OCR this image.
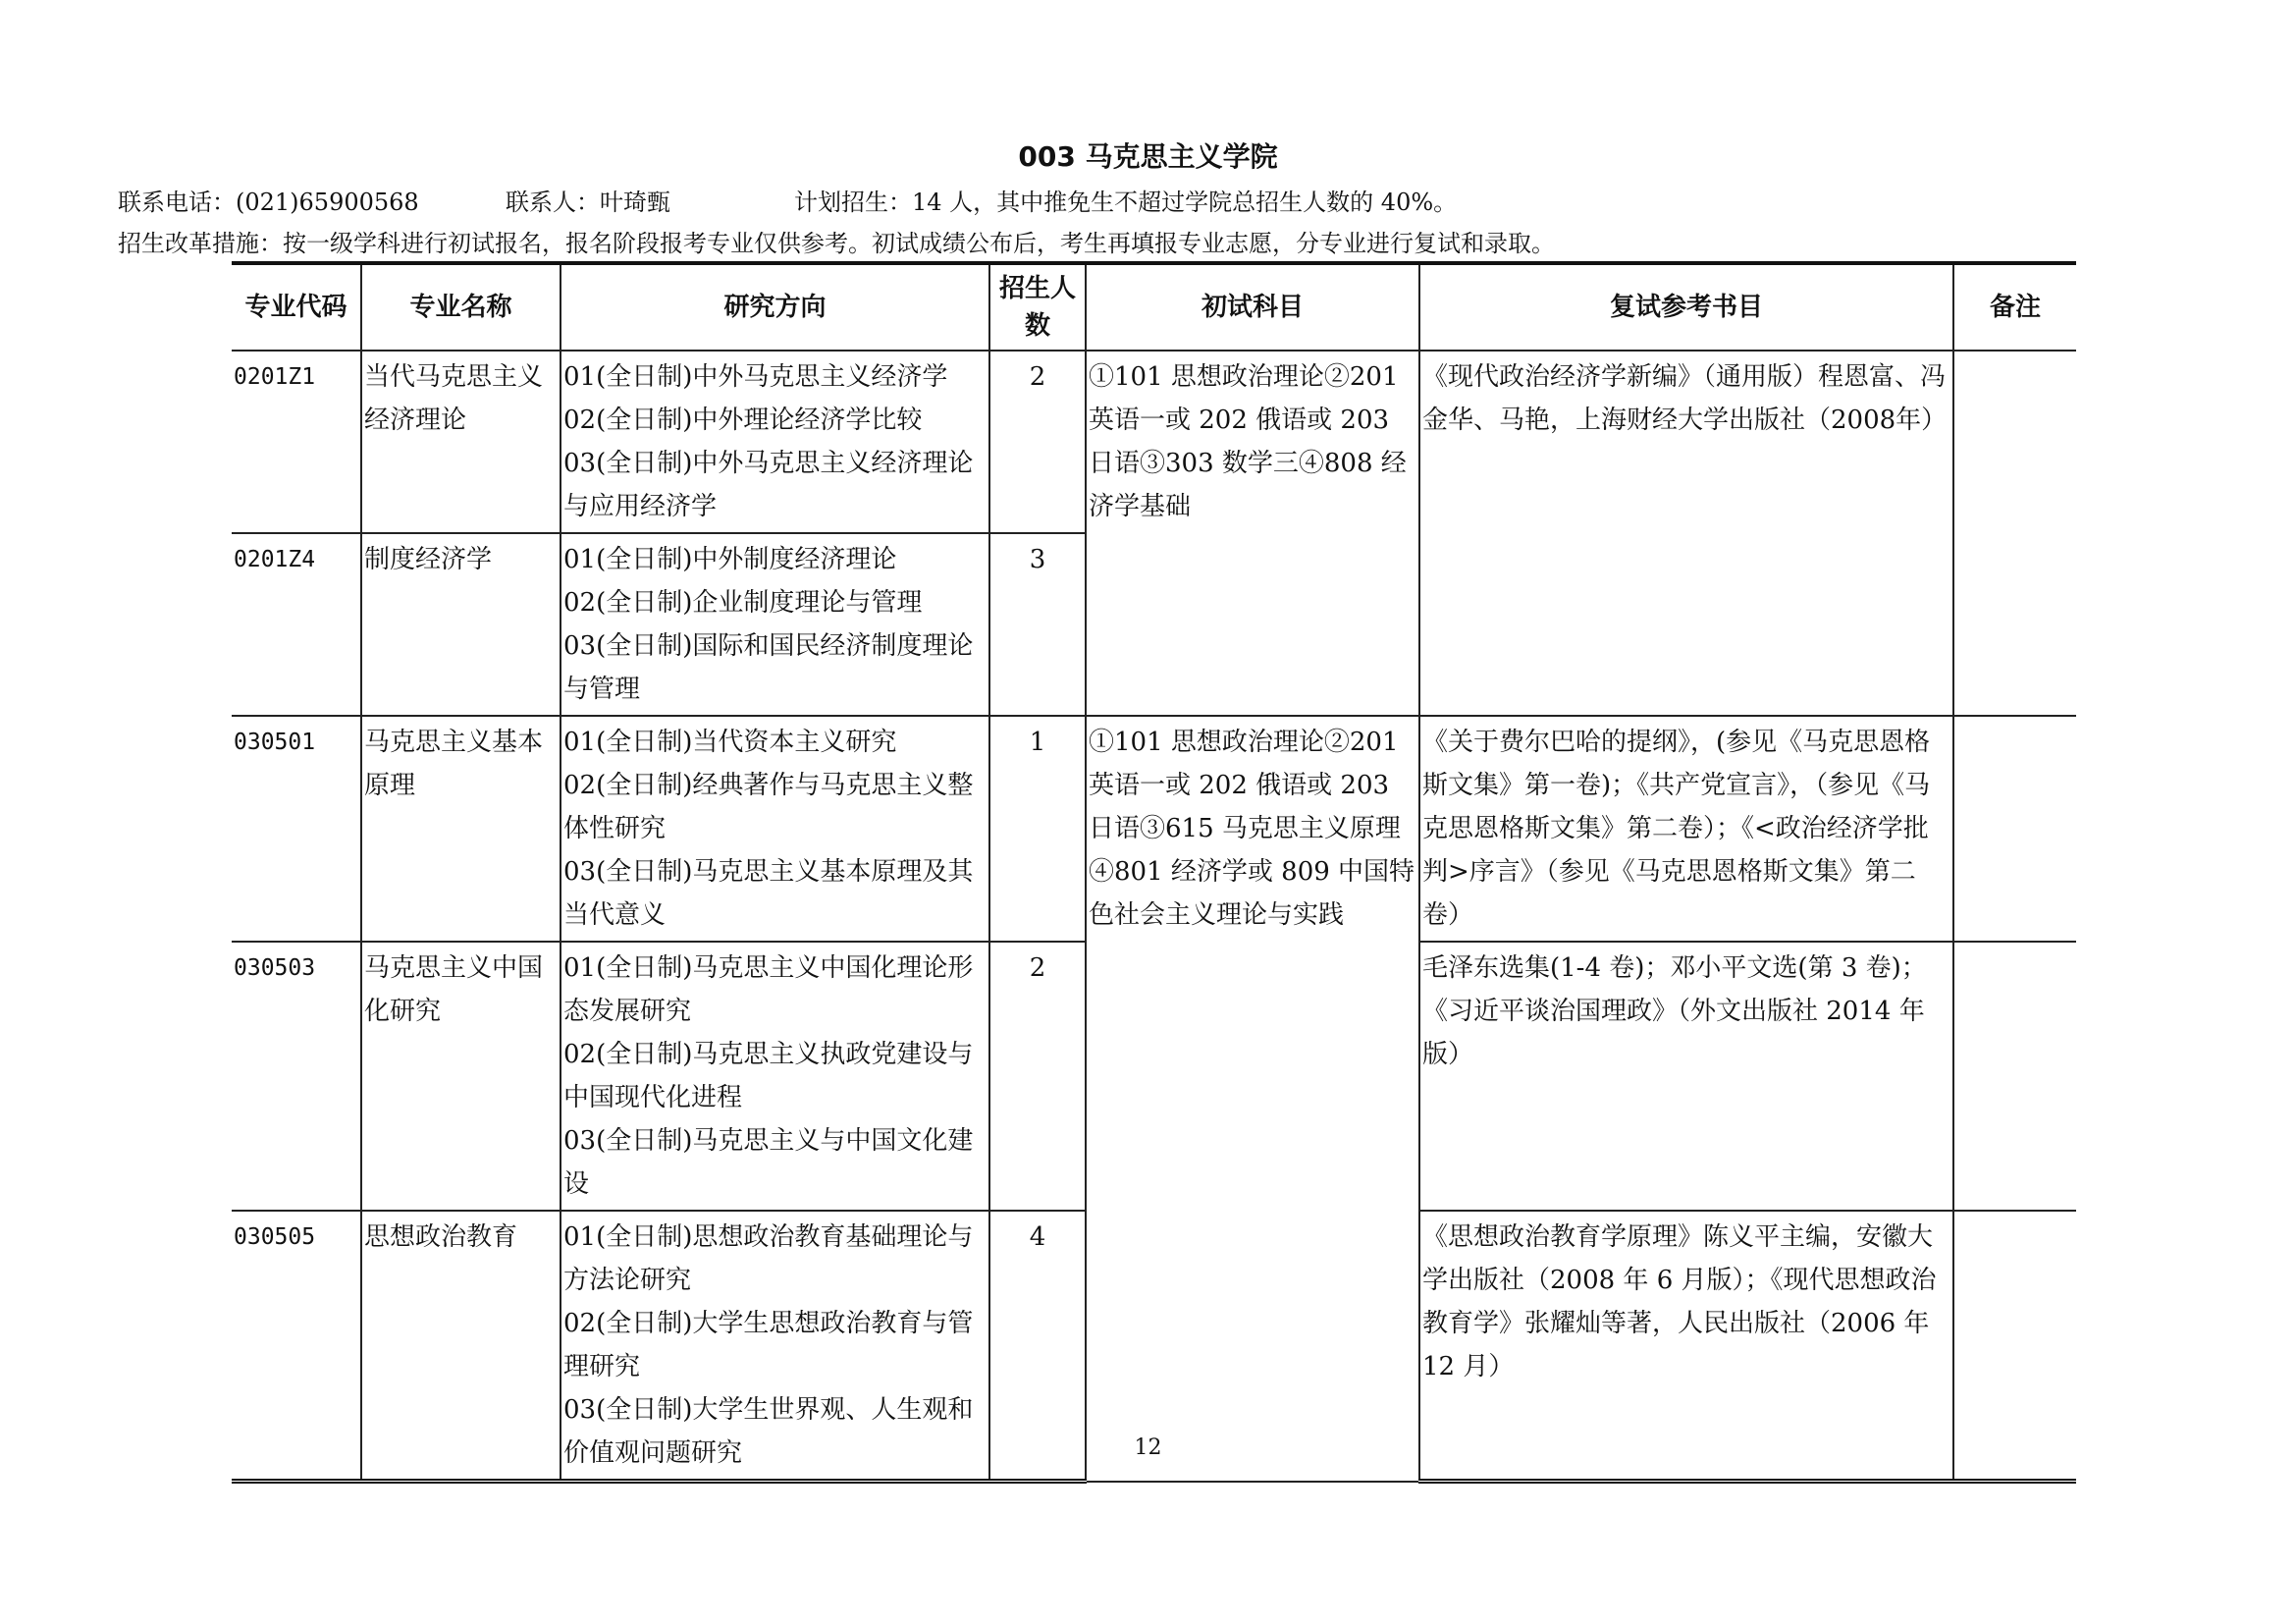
003 马克思主义学院
联系电话：(021)65900568	联系人：叶琦甄	计划招生：14 人，其中推免生不超过学院总招生人数的 40%。
招生改革措施：按一级学科进行初试报名，报名阶段报考专业仅供参考。初试成绩公布后，考生再填报专业志愿，分专业进行复试和录取。
专业代码	专业名称	研究方向	招生人数	初试科目	复试参考书目	备注
0201Z1	当代马克思主义经济理论	01(全日制)中外马克思主义经济学
02(全日制)中外理论经济学比较
03(全日制)中外马克思主义经济理论与应用经济学	2	①101 思想政治理论②201 英语一或 202 俄语或 203 日语③303 数学三④808 经济学基础	《现代政治经济学新编》（通用版）程恩富、冯金华、马艳，上海财经大学出版社（2008年）	
0201Z4	制度经济学	01(全日制)中外制度经济理论
02(全日制)企业制度理论与管理
03(全日制)国际和国民经济制度理论与管理	3			
030501	马克思主义基本原理	01(全日制)当代资本主义研究
02(全日制)经典著作与马克思主义整体性研究
03(全日制)马克思主义基本原理及其当代意义	1	①101 思想政治理论②201 英语一或 202 俄语或 203 日语③615 马克思主义原理④801 经济学或 809 中国特色社会主义理论与实践	《关于费尔巴哈的提纲》，(参见《马克思恩格斯文集》第一卷)；《共产党宣言》，（参见《马克思恩格斯文集》第二卷）；《<政治经济学批判>序言》（参见《马克思恩格斯文集》第二卷）	
030503	马克思主义中国化研究	01(全日制)马克思主义中国化理论形态发展研究
02(全日制)马克思主义执政党建设与中国现代化进程
03(全日制)马克思主义与中国文化建设	2		毛泽东选集(1-4 卷)；邓小平文选(第 3 卷)；《习近平谈治国理政》（外文出版社 2014 年版）	
030505	思想政治教育	01(全日制)思想政治教育基础理论与方法论研究
02(全日制)大学生思想政治教育与管理研究
03(全日制)大学生世界观、人生观和价值观问题研究	4		《思想政治教育学原理》陈义平主编，安徽大学出版社（2008 年 6 月版）；《现代思想政治教育学》张耀灿等著，人民出版社（2006 年 12 月）	
12
